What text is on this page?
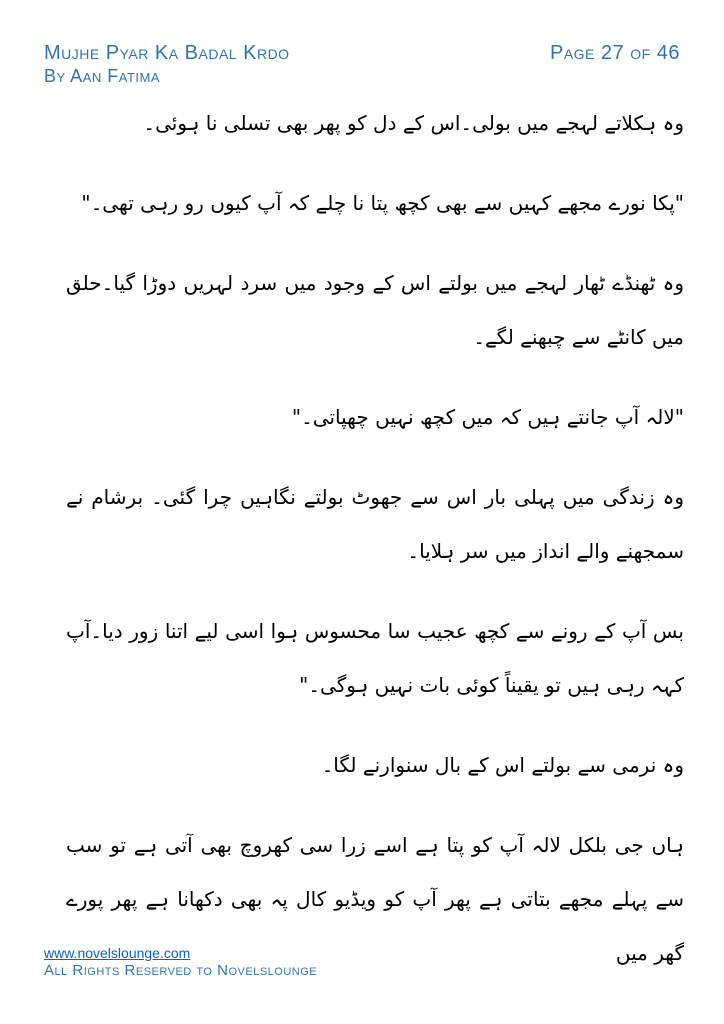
Mujhe Pyar Ka Badal Krdo
By Aan Fatima
Page 27 of 46

وہ ہکلاتے لہجے میں بولی۔اس کے دل کو پھر بھی تسلی نا ہوئی۔

"پکا نورے مجھے کہیں سے بھی کچھ پتا نا چلے کہ آپ کیوں رو رہی تھی۔"

وہ ٹھنڈے ٹھار لہجے میں بولتے اس کے وجود میں سرد لہریں دوڑا گیا۔حلق میں کانٹے سے چبھنے لگے۔

"لالہ آپ جانتے ہیں کہ میں کچھ نہیں چھپاتی۔"

وہ زندگی میں پہلی بار اس سے جھوٹ بولتے نگاہیں چرا گئی۔ برشام نے سمجھنے والے انداز میں سر ہلایا۔

بس آپ کے رونے سے کچھ عجیب سا محسوس ہوا اسی لیے اتنا زور دیا۔آپ کہہ رہی ہیں تو یقیناً کوئی بات نہیں ہوگی۔"

وہ نرمی سے بولتے اس کے بال سنوارنے لگا۔

ہاں جی بلکل لالہ آپ کو پتا ہے اسے زرا سی کھروچ بھی آتی ہے تو سب سے پہلے مجھے بتاتی ہے پھر آپ کو ویڈیو کال پہ بھی دکھانا ہے پھر پورے گھر میں

www.novelslounge.com
All Rights Reserved to Novelslounge
